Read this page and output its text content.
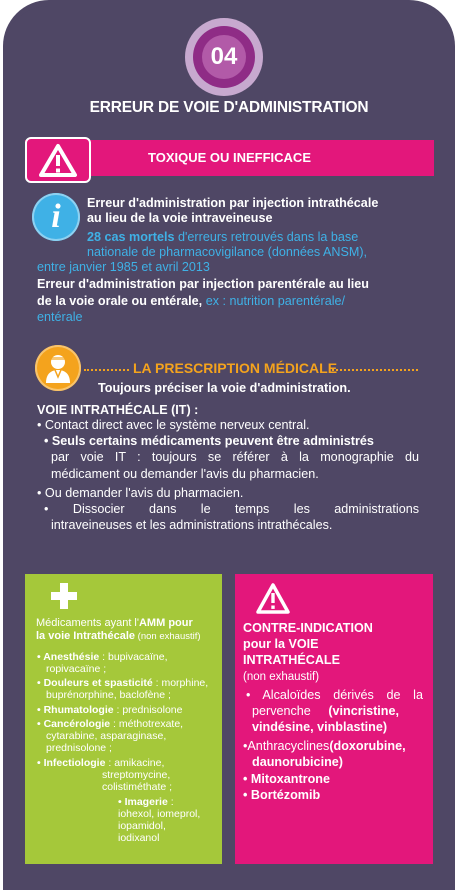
04
ERREUR DE VOIE D'ADMINISTRATION
TOXIQUE OU INEFFICACE
i	Erreur d'administration par injection intrathécale
au lieu de la voie intraveineuse
28 cas mortels d'erreurs retrouvés dans la base
nationale de pharmacovigilance (données ANSM),
entre janvier 1985 et avril 2013
Erreur d'administration par injection parentérale au lieu
de la voie orale ou entérale, ex : nutrition parentérale/
entérale
LA PRESCRIPTION MÉDICALE
Toujours préciser la voie d'administration.
VOIE INTRATHÉCALE (IT) :
• Contact direct avec le système nerveux central.
• Seuls certains médicaments peuvent être administrés
par voie IT : toujours se référer à la monographie du
médicament ou demander l'avis du pharmacien.
• Ou demander l'avis du pharmacien.
• Dissocier dans le temps les administrations
intraveineuses et les administrations intrathécales.
Médicaments ayant l'AMM pour
la voie Intrathécale (non exhaustif)
• Anesthésie : bupivacaïne,
ropivacaïne ;
• Douleurs et spasticité : morphine,
buprénorphine, baclofène ;
• Rhumatologie : prednisolone
• Cancérologie : méthotrexate,
cytarabine, asparaginase,
prednisolone ;
• Infectiologie : amikacine,
streptomycine,
colistiméthate ;
• Imagerie :
iohexol, iomeprol,
iopamidol,
iodixanol
CONTRE-INDICATION
pour la VOIE
INTRATHÉCALE
(non exhaustif)
• Alcaloïdes dérivés de la
pervenche (vincristine,
vindésine, vinblastine)
•Anthracyclines(doxorubine,
daunorubicine)
• Mitoxantrone
• Bortézomib
